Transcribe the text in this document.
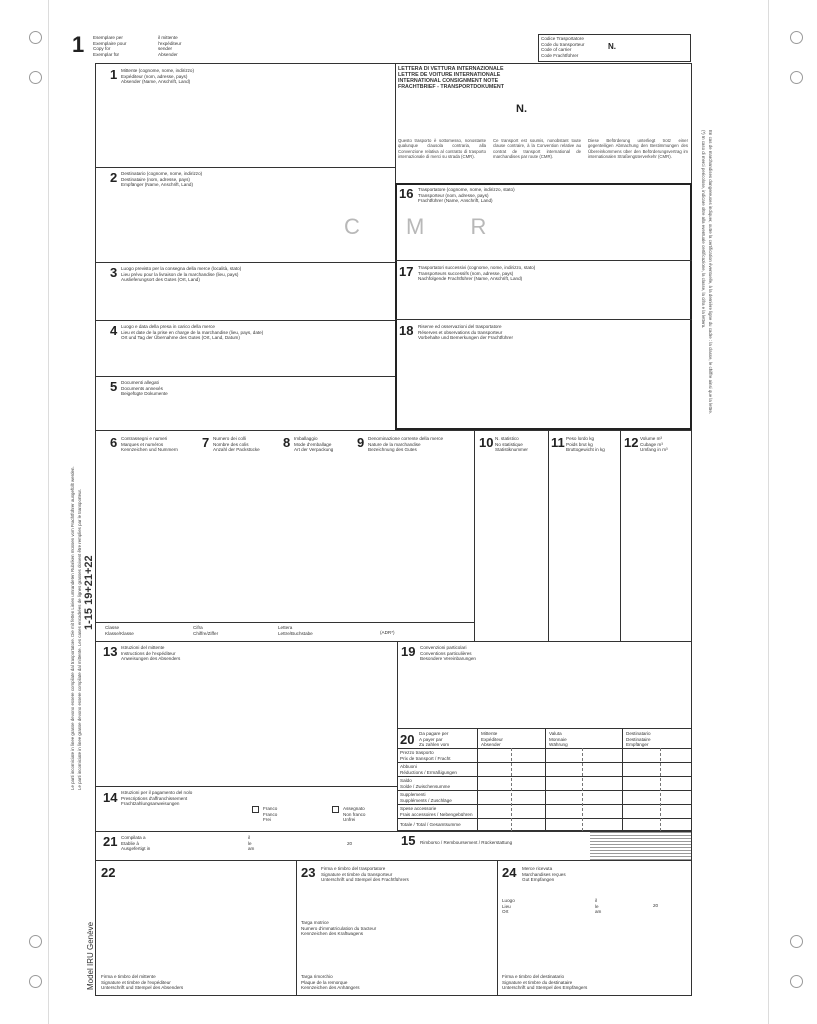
1 Esemplare per
Exemplaire pour
Copy for
Exemplar für
il mittente
l'expéditeur
sender
Absender
Codice Trasportatore
Code du transporteur
Code of carrier
Code Frachtführer
N.
1 Mittente (cognome, nome, indirizzo)
Expéditeur (nom, adresse, pays)
Absender (Name, Anschrift, Land)
2 Destinatario (cognome, nome, indirizzo)
Destinataire (nom, adresse, pays)
Empfänger (Name, Anschrift, Land)
3 Luogo previsto per la consegna della merce (località, stato)
Lieu prévu pour la livraison de la marchandise (lieu, pays)
Auslieferungsort des Gutes (Ort, Land)
4 Luogo e data della presa in carico della merce
Lieu et date de la prise en charge de la marchandise (lieu, pays, date)
Ort und Tag der Übernahme des Gutes (Ort, Land, Datum)
5 Documenti allegati
Documents annexés
Beigefügte Dokumente
LETTERA DI VETTURA INTERNAZIONALE
LETTRE DE VOITURE INTERNATIONALE
INTERNATIONAL CONSIGNMENT NOTE
FRACHTBRIEF - TRANSPORTDOKUMENT
N.
Questo trasporto è sottomesso, nonostante qualunque clausola contraria, alla Convenzione relativa al contratto di trasporto internazionale di merci su strada (CMR).
Ce transport est soumis, nonobstant toute clause contraire, à la Convention relative au contrat de transport international de marchandises par route (CMR).
Diese Beförderung unterliegt trotz einer gegenteiligen Abmachung den Bestimmungen des Übereinkommens über den Beförderungsvertrag im internationalen Straßengüterverkehr (CMR).
C M R
16 Trasportatore (cognome, nome, indirizzo, stato)
Transporteur (nom, adresse, pays)
Frachtführer (Name, Anschrift, Land)
17 Trasportatori successivi (cognome, nome, indirizzo, stato)
Transporteurs successifs (nom, adresse, pays)
Nachfolgende Frachtführer (Name, Anschrift, Land)
18 Riserve ed osservazioni del trasportatore
Réserves et observations du transporteur
Vorbehalte und Bemerkungen der Frachtführer
6 Contrassegni e numeri
Marques et numéros
Kennzeichen und Nummern 7 Numero dei colli
Nombre des colis
Anzahl der Packstücke 8 Imballaggio
Mode d'emballage
Art der Verpackung 9 Denominazione corrente della merce
Nature de la marchandise
Bezeichnung des Gutes	10 N. statistico
No statistique
Statistiknummer 11 Peso lordo kg
Poids brut kg
Bruttogewicht in kg 12 Volume m³
Cubage m³
Umfang in m³
Classe
Klasse/Klasse
Cifra
Chiffre/Ziffer
Lettera
Lettre/Buchstabe	(ADR*)
13 Istruzioni del mittente
Instructions de l'expéditeur
Anweisungen des Absenders	19 Convenzioni particolari
Conventions particulières
Besondere Vereinbarungen
20 Da pagare per
A payer par
Zu zahlen vom
Mittente
Expéditeur
Absender
Valuta
Monnaie
Währung
Destinatario
Destinataire
Empfänger
Prezzo trasporto
Prix de transport / Fracht
Abbuoni
Réductions / Ermäßigungen
Saldo
Solde / Zwischensumme
Supplementi
Suppléments / Zuschläge
Spese accessorie
Frais accessoires / Nebengebühren
Totale / Total / Gesamtsumme
14 Istruzioni per il pagamento del nolo
Prescriptions d'affranchissement
Frachtzahlungsanweisungen
Franco
Franco
Frei
Assegnato
Non franco
Unfrei
21 Compilata a
Etablie à
Ausgefertigt in
il
le
am
20	15 Rimborso / Remboursement / Rückerstattung
22
Firma e timbro del mittente
Signature et timbre de l'expéditeur
Unterschrift und Stempel des Absenders
23 Firma e timbro del trasportatore
Signature et timbre du transporteur
Unterschrift und Stempel des Frachtführers
Targa motrice
Numero d'immatriculation du tracteur
Kennzeichen des Kraftwagens
Targa rimorchio
Plaque de la remorque
Kennzeichen des Anhängers
24 Merce ricevuta
Marchandises reçues
Gut Empfangen
Luogo
Lieu
Ort
il
le
am
20
Firma e timbro del destinatario
Signature et timbre du destinataire
Unterschrift und Stempel des Empfängers
1-15 19+21+22
Le parti incorniciate in linee grasse devono essere compilate dal trasportatore. Die mit fetten Linien umrandeten Rubriken müssen vom Frachtführer ausgefüllt werden. Le parti incorniciate in linee grasse devono essere compilate dal mittente. Les cases encadrées de lignes grasses doivent être remplies par le transporteur.
Model IRU Genève
(*) In caso di merci pericolose, indicare oltre alla eventuale certificazione, la classe, la cifra e la lettera. En cas de marchandises dangereuses indiquer, outre la certification éventuelle, à la dernière ligne du cadre : la classe, le chiffre ainsi que la lettre.
